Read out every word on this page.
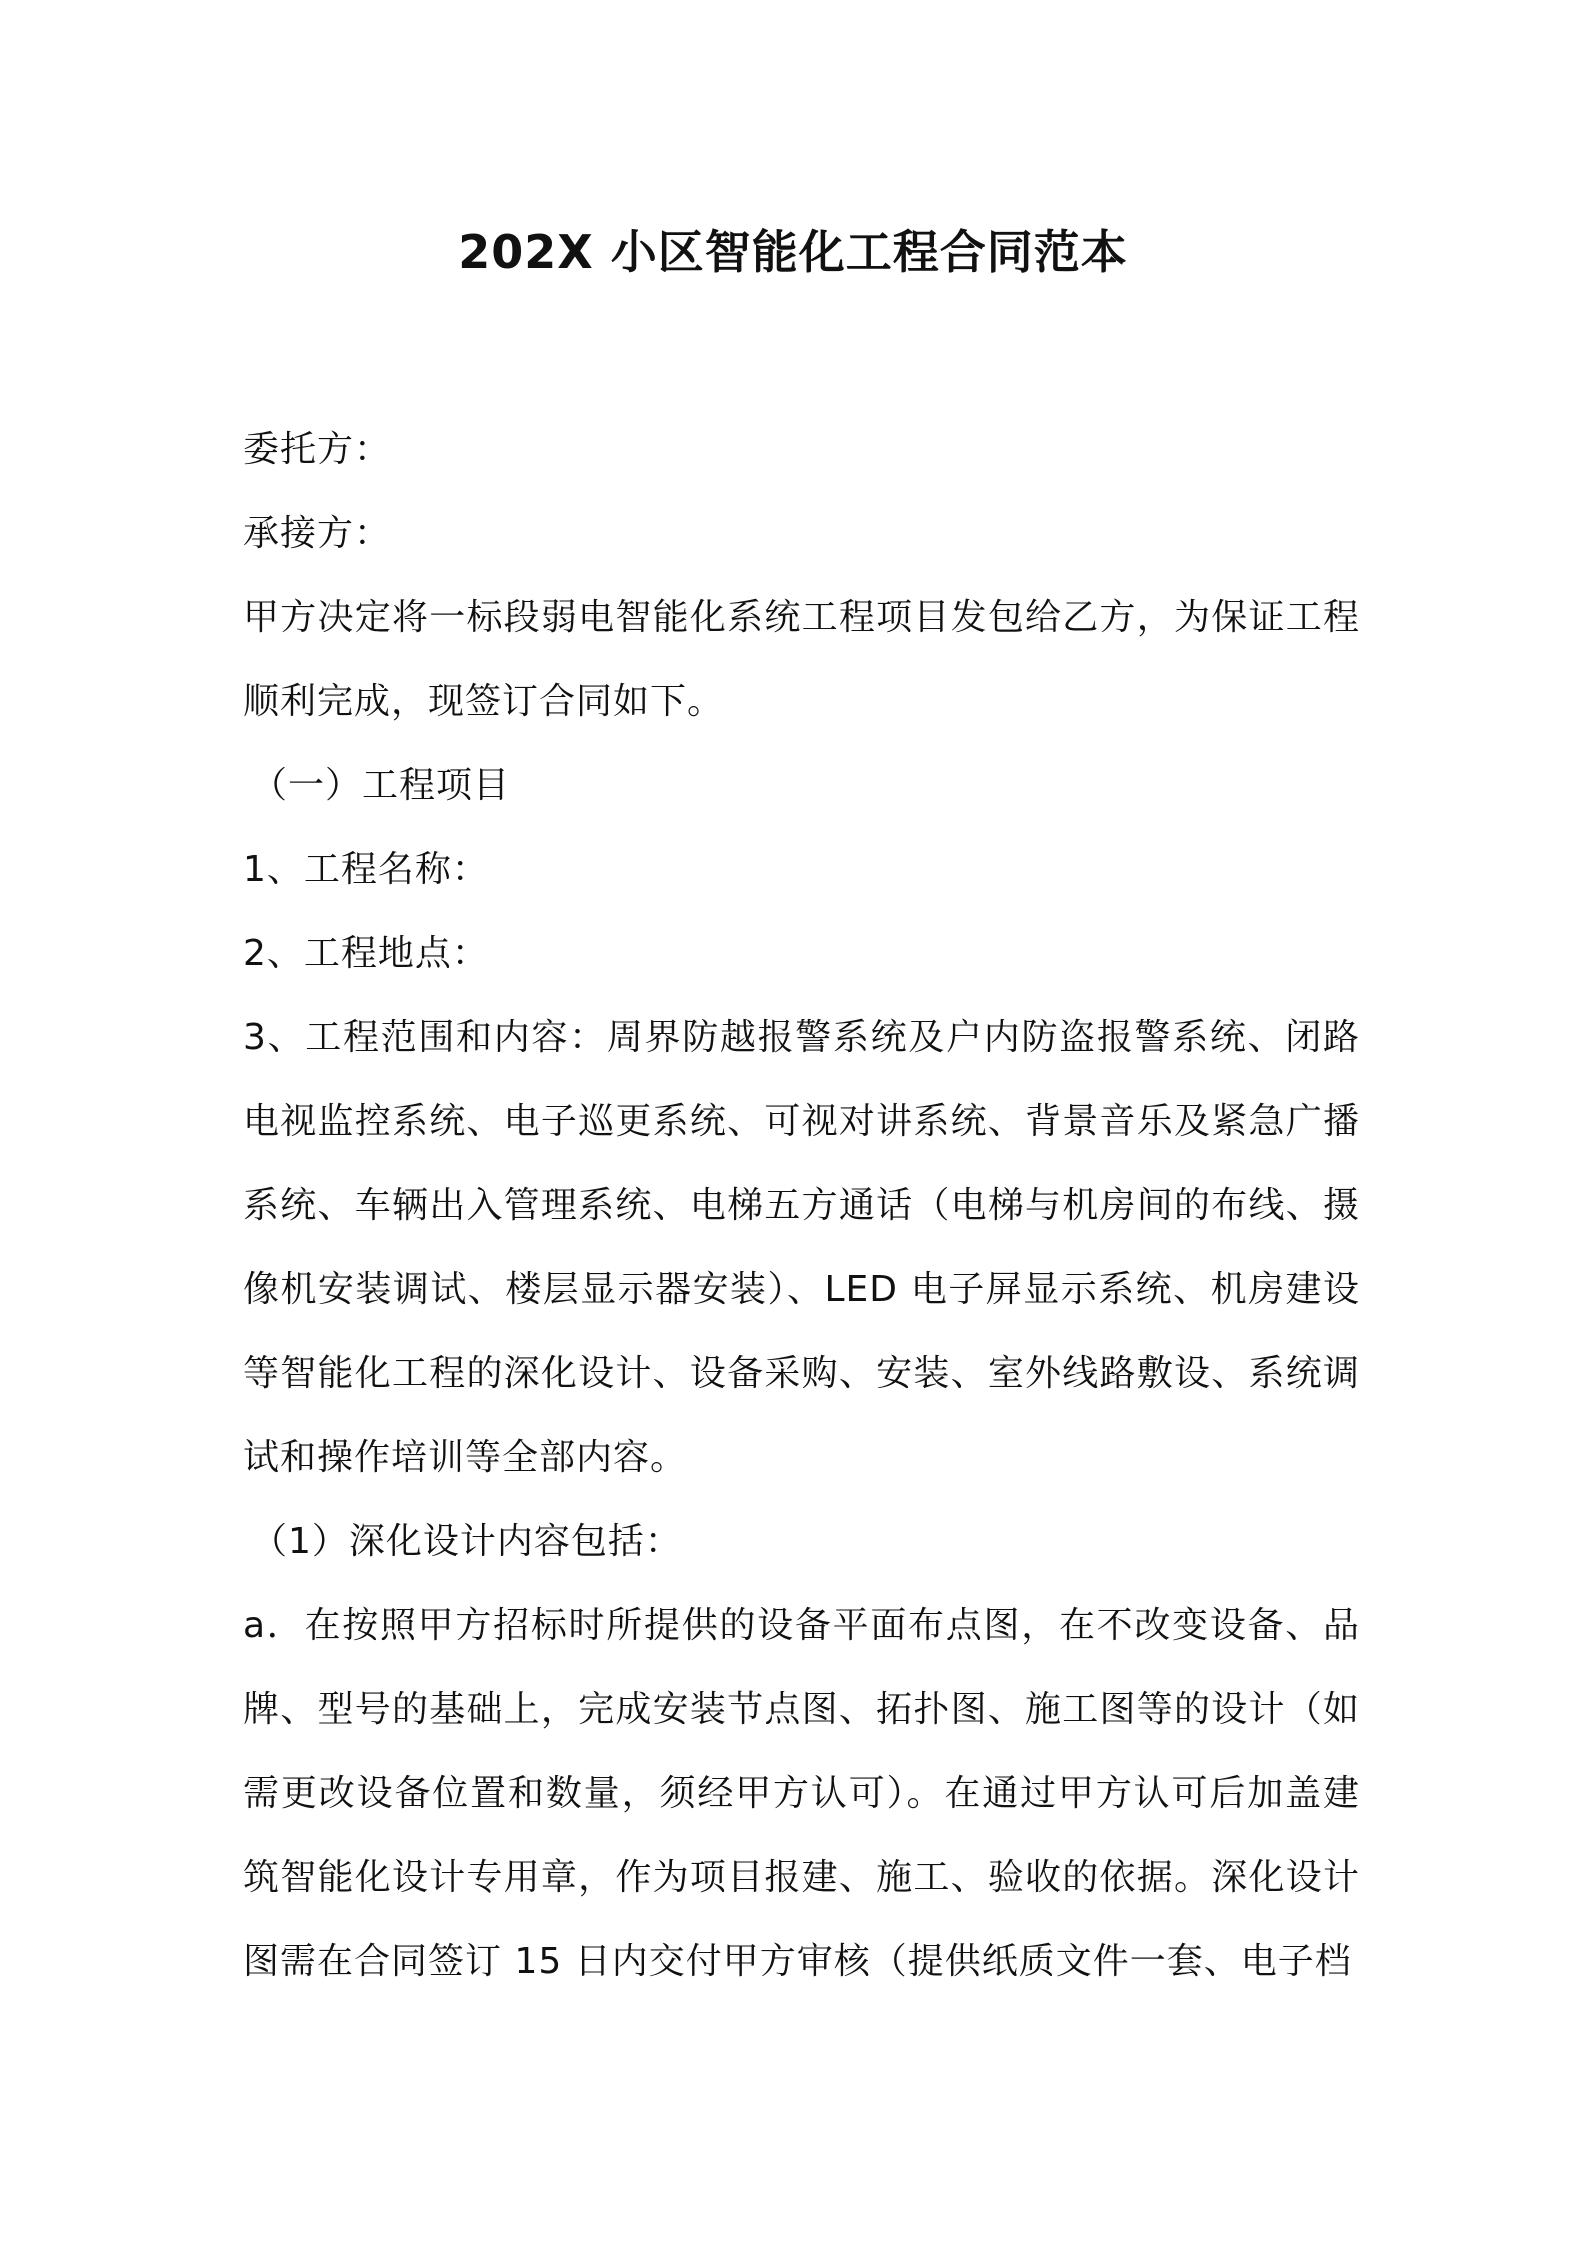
202X 小区智能化工程合同范本

委托方：

承接方：

甲方决定将一标段弱电智能化系统工程项目发包给乙方，为保证工程顺利完成，现签订合同如下。

（一）工程项目

1、工程名称：

2、工程地点：

3、工程范围和内容：周界防越报警系统及户内防盗报警系统、闭路电视监控系统、电子巡更系统、可视对讲系统、背景音乐及紧急广播系统、车辆出入管理系统、电梯五方通话（电梯与机房间的布线、摄像机安装调试、楼层显示器安装）、LED 电子屏显示系统、机房建设等智能化工程的深化设计、设备采购、安装、室外线路敷设、系统调试和操作培训等全部内容。

（1）深化设计内容包括：

a．在按照甲方招标时所提供的设备平面布点图，在不改变设备、品牌、型号的基础上，完成安装节点图、拓扑图、施工图等的设计（如需更改设备位置和数量，须经甲方认可）。在通过甲方认可后加盖建筑智能化设计专用章，作为项目报建、施工、验收的依据。深化设计图需在合同签订 15 日内交付甲方审核（提供纸质文件一套、电子档
